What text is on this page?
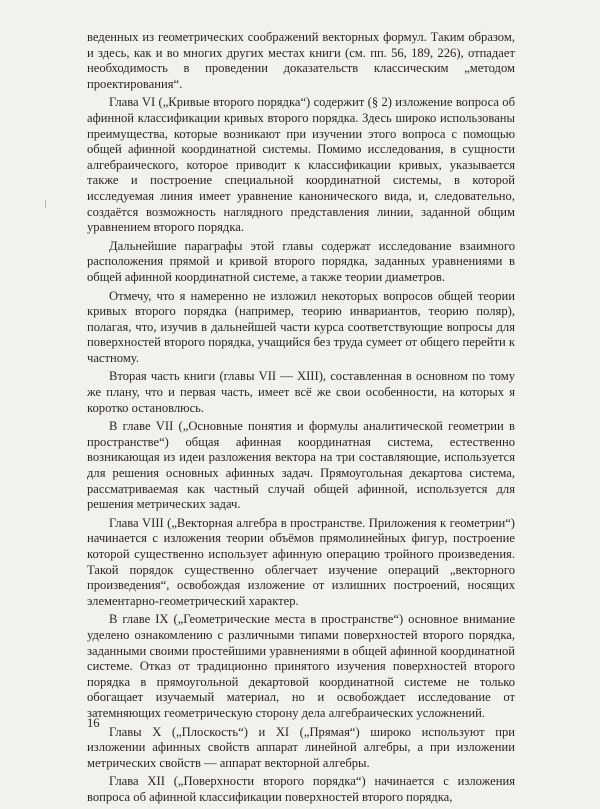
веденных из геометрических соображений векторных формул. Таким образом, и здесь, как и во многих других местах книги (см. пп. 56, 189, 226), отпадает необходимость в проведении доказательств классическим „методом проектирования“.

Глава VI („Кривые второго порядка“) содержит (§ 2) изложение вопроса об афинной классификации кривых второго порядка. Здесь широко использованы преимущества, которые возникают при изучении этого вопроса с помощью общей афинной координатной системы. Помимо исследования, в сущности алгебраического, которое приводит к классификации кривых, указывается также и построение специальной координатной системы, в которой исследуемая линия имеет уравнение канонического вида, и, следовательно, создаётся возможность наглядного представления линии, заданной общим уравнением второго порядка.

Дальнейшие параграфы этой главы содержат исследование взаимного расположения прямой и кривой второго порядка, заданных уравнениями в общей афинной координатной системе, а также теории диаметров.

Отмечу, что я намеренно не изложил некоторых вопросов общей теории кривых второго порядка (например, теорию инвариантов, теорию поляр), полагая, что, изучив в дальнейшей части курса соответствующие вопросы для поверхностей второго порядка, учащийся без труда сумеет от общего перейти к частному.

Вторая часть книги (главы VII — XIII), составленная в основном по тому же плану, что и первая часть, имеет всё же свои особенности, на которых я коротко остановлюсь.

В главе VII („Основные понятия и формулы аналитической геометрии в пространстве“) общая афинная координатная система, естественно возникающая из идеи разложения вектора на три составляющие, используется для решения основных афинных задач. Прямоугольная декартова система, рассматриваемая как частный случай общей афинной, используется для решения метрических задач.

Глава VIII („Векторная алгебра в пространстве. Приложения к геометрии“) начинается с изложения теории объёмов прямолинейных фигур, построение которой существенно использует афинную операцию тройного произведения. Такой порядок существенно облегчает изучение операций „векторного произведения“, освобождая изложение от излишних построений, носящих элементарно-геометрический характер.

В главе IX („Геометрические места в пространстве“) основное внимание уделено ознакомлению с различными типами поверхностей второго порядка, заданными своими простейшими уравнениями в общей афинной координатной системе. Отказ от традиционно принятого изучения поверхностей второго порядка в прямоугольной декартовой координатной системе не только обогащает изучаемый материал, но и освобождает исследование от затемняющих геометрическую сторону дела алгебраических усложнений.

Главы X („Плоскость“) и XI („Прямая“) широко используют при изложении афинных свойств аппарат линейной алгебры, а при изложении метрических свойств — аппарат векторной алгебры.

Глава XII („Поверхности второго порядка“) начинается с изложения вопроса об афинной классификации поверхностей второго порядка,

16
